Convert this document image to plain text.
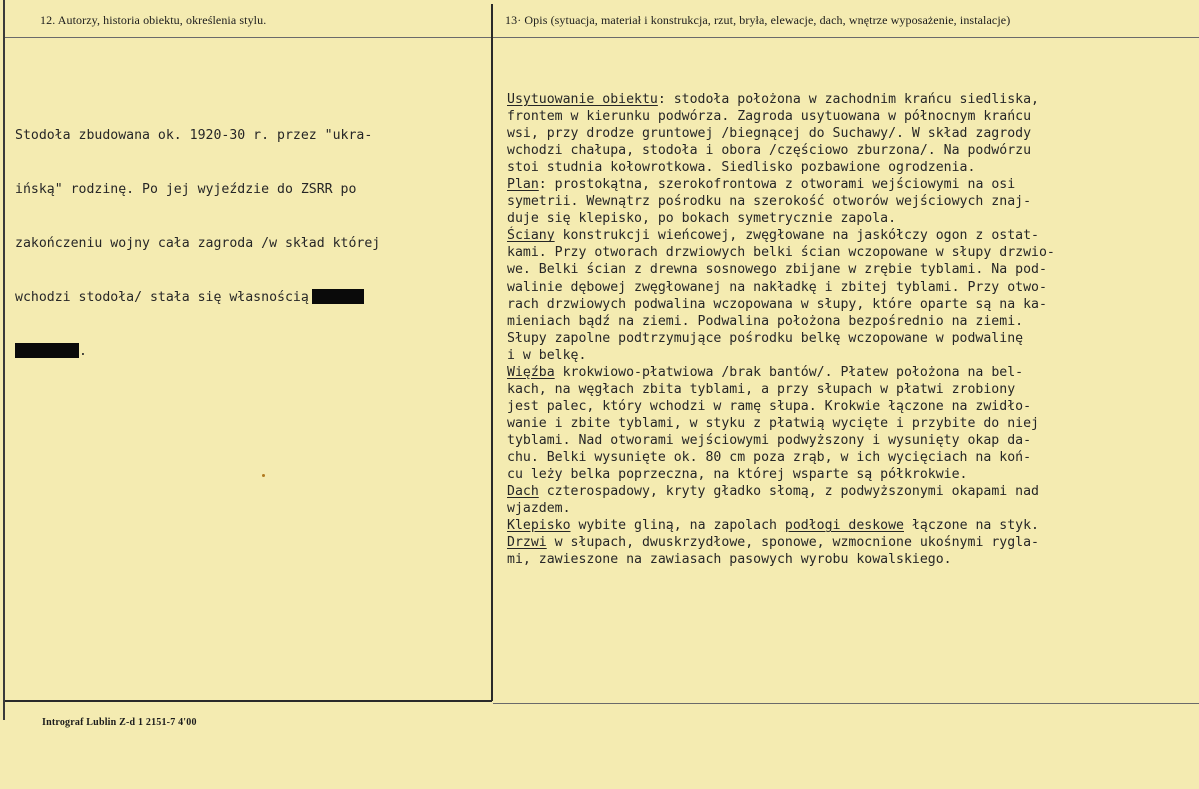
12. Autorzy, historia obiektu, określenia stylu.	13· Opis (sytuacja, materiał i konstrukcja, rzut, bryła, elewacje, dach, wnętrze wyposażenie, instalacje)

Stodoła zbudowana ok. 1920-30 r. przez "ukra-

ińską" rodzinę. Po jej wyjeździe do ZSRR po

zakończeniu wojny cała zagroda /w skład której

wchodzi stodoła/ stała się własnością

.

Usytuowanie obiektu: stodoła położona w zachodnim krańcu siedliska,
frontem w kierunku podwórza. Zagroda usytuowana w północnym krańcu
wsi, przy drodze gruntowej /biegnącej do Suchawy/. W skład zagrody
wchodzi chałupa, stodoła i obora /częściowo zburzona/. Na podwórzu
stoi studnia kołowrotkowa. Siedlisko pozbawione ogrodzenia.
Plan: prostokątna, szerokofrontowa z otworami wejściowymi na osi
symetrii. Wewnątrz pośrodku na szerokość otworów wejściowych znaj-
duje się klepisko, po bokach symetrycznie zapola.
Ściany konstrukcji wieńcowej, zwęgłowane na jaskółczy ogon z ostat-
kami. Przy otworach drzwiowych belki ścian wczopowane w słupy drzwio-
we. Belki ścian z drewna sosnowego zbijane w zrębie tyblami. Na pod-
walinie dębowej zwęgłowanej na nakładkę i zbitej tyblami. Przy otwo-
rach drzwiowych podwalina wczopowana w słupy, które oparte są na ka-
mieniach bądź na ziemi. Podwalina położona bezpośrednio na ziemi.
Słupy zapolne podtrzymujące pośrodku belkę wczopowane w podwalinę
i w belkę.
Więźba krokwiowo-płatwiowa /brak bantów/. Płatew położona na bel-
kach, na węgłach zbita tyblami, a przy słupach w płatwi zrobiony
jest palec, który wchodzi w ramę słupa. Krokwie łączone na zwidło-
wanie i zbite tyblami, w styku z płatwią wycięte i przybite do niej
tyblami. Nad otworami wejściowymi podwyższony i wysunięty okap da-
chu. Belki wysunięte ok. 80 cm poza zrąb, w ich wycięciach na koń-
cu leży belka poprzeczna, na której wsparte są półkrokwie.
Dach czterospadowy, kryty gładko słomą, z podwyższonymi okapami nad
wjazdem.
Klepisko wybite gliną, na zapolach podłogi deskowe łączone na styk.
Drzwi w słupach, dwuskrzydłowe, sponowe, wzmocnione ukośnymi rygla-
mi, zawieszone na zawiasach pasowych wyrobu kowalskiego.
Intrograf Lublin Z-d 1 2151-7 4'00
